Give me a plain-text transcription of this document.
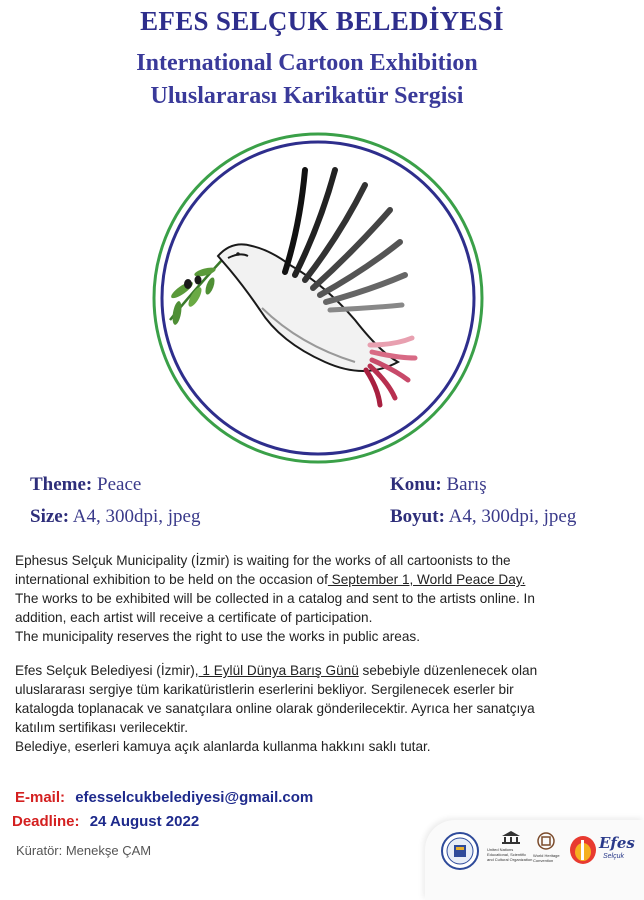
EFES SELÇUK BELEDİYESİ
International Cartoon Exhibition
Uluslararası Karikatür Sergisi
Theme: Peace
Size: A4, 300dpi, jpeg
Konu: Barış
Boyut: A4, 300dpi, jpeg
Ephesus Selçuk Municipality (İzmir) is waiting for the works of all cartoonists to the
international exhibition to be held on the occasion of September 1, World Peace Day.
The works to be exhibited will be collected in a catalog and sent to the artists online. In
addition, each artist will receive a certificate of participation.
The municipality reserves the right to use the works in public areas.
Efes Selçuk Belediyesi (İzmir), 1 Eylül Dünya Barış Günü sebebiyle düzenlenecek olan
uluslararası sergiye tüm karikatüristlerin eserlerini bekliyor. Sergilenecek eserler bir
katalogda toplanacak ve sanatçılara online olarak gönderilecektir. Ayrıca her sanatçıya
katılım sertifikası verilecektir.
Belediye, eserleri kamuya açık alanlarda kullanma hakkını saklı tutar.
E-mail: efesselcukbelediyesi@gmail.com
Deadline: 24 August 2022
Küratör: Menekşe ÇAM	United Nations Educational, Scientific and Cultural Organization
World Heritage Convention
Efes
Selçuk
